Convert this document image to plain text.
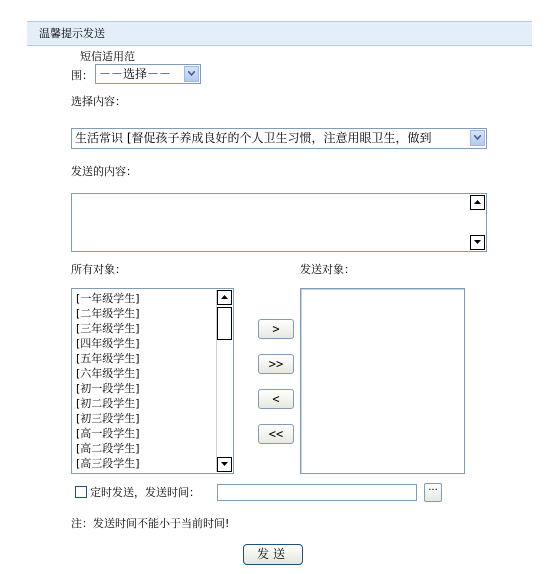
温馨提示发送
短信适用范
围： －－选择－－
选择内容：
生活常识 [督促孩子养成良好的个人卫生习惯，注意用眼卫生，做到
发送的内容：
所有对象：	发送对象：
[一年级学生]
[二年级学生]
[三年级学生]
[四年级学生]
[五年级学生]
[六年级学生]
[初一段学生]
[初二段学生]
[初三段学生]
[高一段学生]
[高二段学生]
[高三段学生]
>
>>
<
<<
定时发送，发送时间：	···
注：发送时间不能小于当前时间!
发送
